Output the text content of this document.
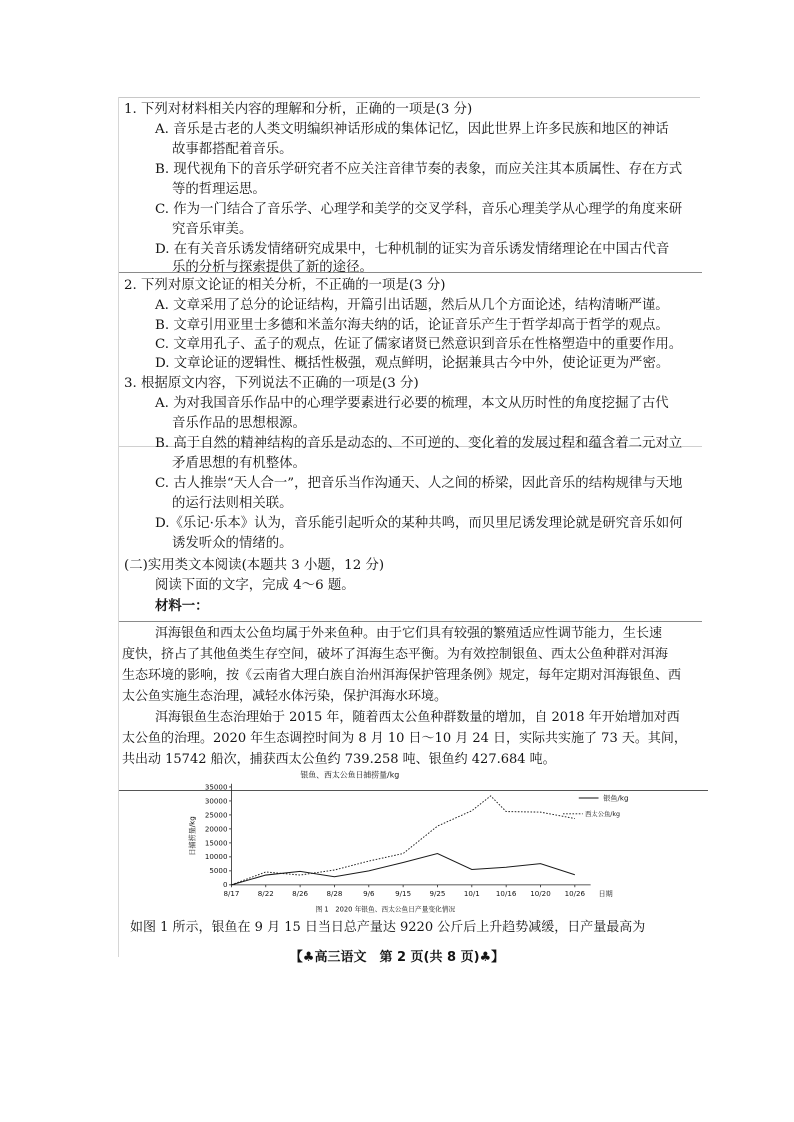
1. 下列对材料相关内容的理解和分析，正确的一项是(3 分)
A. 音乐是古老的人类文明编织神话形成的集体记忆，因此世界上许多民族和地区的神话
故事都搭配着音乐。
B. 现代视角下的音乐学研究者不应关注音律节奏的表象，而应关注其本质属性、存在方式
等的哲理运思。
C. 作为一门结合了音乐学、心理学和美学的交叉学科，音乐心理美学从心理学的角度来研
究音乐审美。
D. 在有关音乐诱发情绪研究成果中，七种机制的证实为音乐诱发情绪理论在中国古代音
乐的分析与探索提供了新的途径。
2. 下列对原文论证的相关分析，不正确的一项是(3 分)
A. 文章采用了总分的论证结构，开篇引出话题，然后从几个方面论述，结构清晰严谨。
B. 文章引用亚里士多德和米盖尔海夫纳的话，论证音乐产生于哲学却高于哲学的观点。
C. 文章用孔子、孟子的观点，佐证了儒家诸贤已然意识到音乐在性格塑造中的重要作用。
D. 文章论证的逻辑性、概括性极强，观点鲜明，论据兼具古今中外，使论证更为严密。
3. 根据原文内容，下列说法不正确的一项是(3 分)
A. 为对我国音乐作品中的心理学要素进行必要的梳理，本文从历时性的角度挖掘了古代
音乐作品的思想根源。
B. 高于自然的精神结构的音乐是动态的、不可逆的、变化着的发展过程和蕴含着二元对立
矛盾思想的有机整体。
C. 古人推崇“天人合一”，把音乐当作沟通天、人之间的桥梁，因此音乐的结构规律与天地
的运行法则相关联。
D.《乐记·乐本》认为，音乐能引起听众的某种共鸣，而贝里尼诱发理论就是研究音乐如何
诱发听众的情绪的。
(二)实用类文本阅读(本题共 3 小题，12 分)
阅读下面的文字，完成 4～6 题。
材料一：
洱海银鱼和西太公鱼均属于外来鱼种。由于它们具有较强的繁殖适应性调节能力，生长速
度快，挤占了其他鱼类生存空间，破坏了洱海生态平衡。为有效控制银鱼、西太公鱼种群对洱海
生态环境的影响，按《云南省大理白族自治州洱海保护管理条例》规定，每年定期对洱海银鱼、西
太公鱼实施生态治理，减轻水体污染，保护洱海水环境。
洱海银鱼生态治理始于 2015 年，随着西太公鱼种群数量的增加，自 2018 年开始增加对西
太公鱼的治理。2020 年生态调控时间为 8 月 10 日～10 月 24 日，实际共实施了 73 天。其间，
共出动 15742 船次，捕获西太公鱼约 739.258 吨、银鱼约 427.684 吨。
银鱼、西太公鱼日捕捞量/kg
0
5000
10000
15000
20000
25000
30000
35000
8/17 8/22 8/26 8/28 9/6 9/15 9/25 10/1 10/16 10/20 10/26 日期
日捕捞量/kg
银鱼/kg
西太公鱼/kg
图 1　2020 年银鱼、西太公鱼日产量变化情况
如图 1 所示，银鱼在 9 月 15 日当日总产量达 9220 公斤后上升趋势减缓，日产量最高为
【♣高三语文　第 2 页(共 8 页)♣】
